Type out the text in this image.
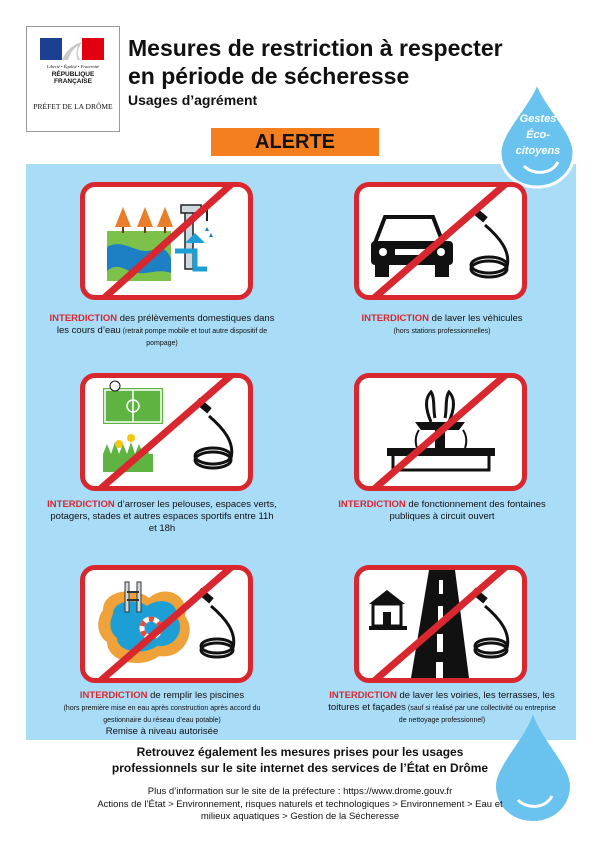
Liberté • Égalité • Fraternité
RÉPUBLIQUE
FRANÇAISE
PRÉFET DE LA DRÔME
Mesures de restriction à respecter
en période de sécheresse
Usages d’agrément
ALERTE
Gestes
Éco-
citoyens
INTERDICTION des prélèvements domestiques dans les cours d’eau (retrait pompe mobile et tout autre dispositif de pompage)
INTERDICTION de laver les véhicules
(hors stations professionnelles)
INTERDICTION d’arroser les pelouses, espaces verts, potagers, stades et autres espaces sportifs entre 11h et 18h
INTERDICTION de fonctionnement des fontaines publiques à circuit ouvert
INTERDICTION de remplir les piscines
(hors première mise en eau après construction après accord du gestionnaire du réseau d’eau potable)
Remise à niveau autorisée
INTERDICTION de laver les voiries, les terrasses, les toitures et façades (sauf si réalisé par une collectivité ou entreprise de nettoyage professionnel)
Retrouvez également les mesures prises pour les usages
professionnels sur le site internet des services de l’État en Drôme
Plus d’information sur le site de la préfecture : https://www.drome.gouv.fr
Actions de l’État > Environnement, risques naturels et technologiques > Environnement > Eau et
milieux aquatiques > Gestion de la Sécheresse
